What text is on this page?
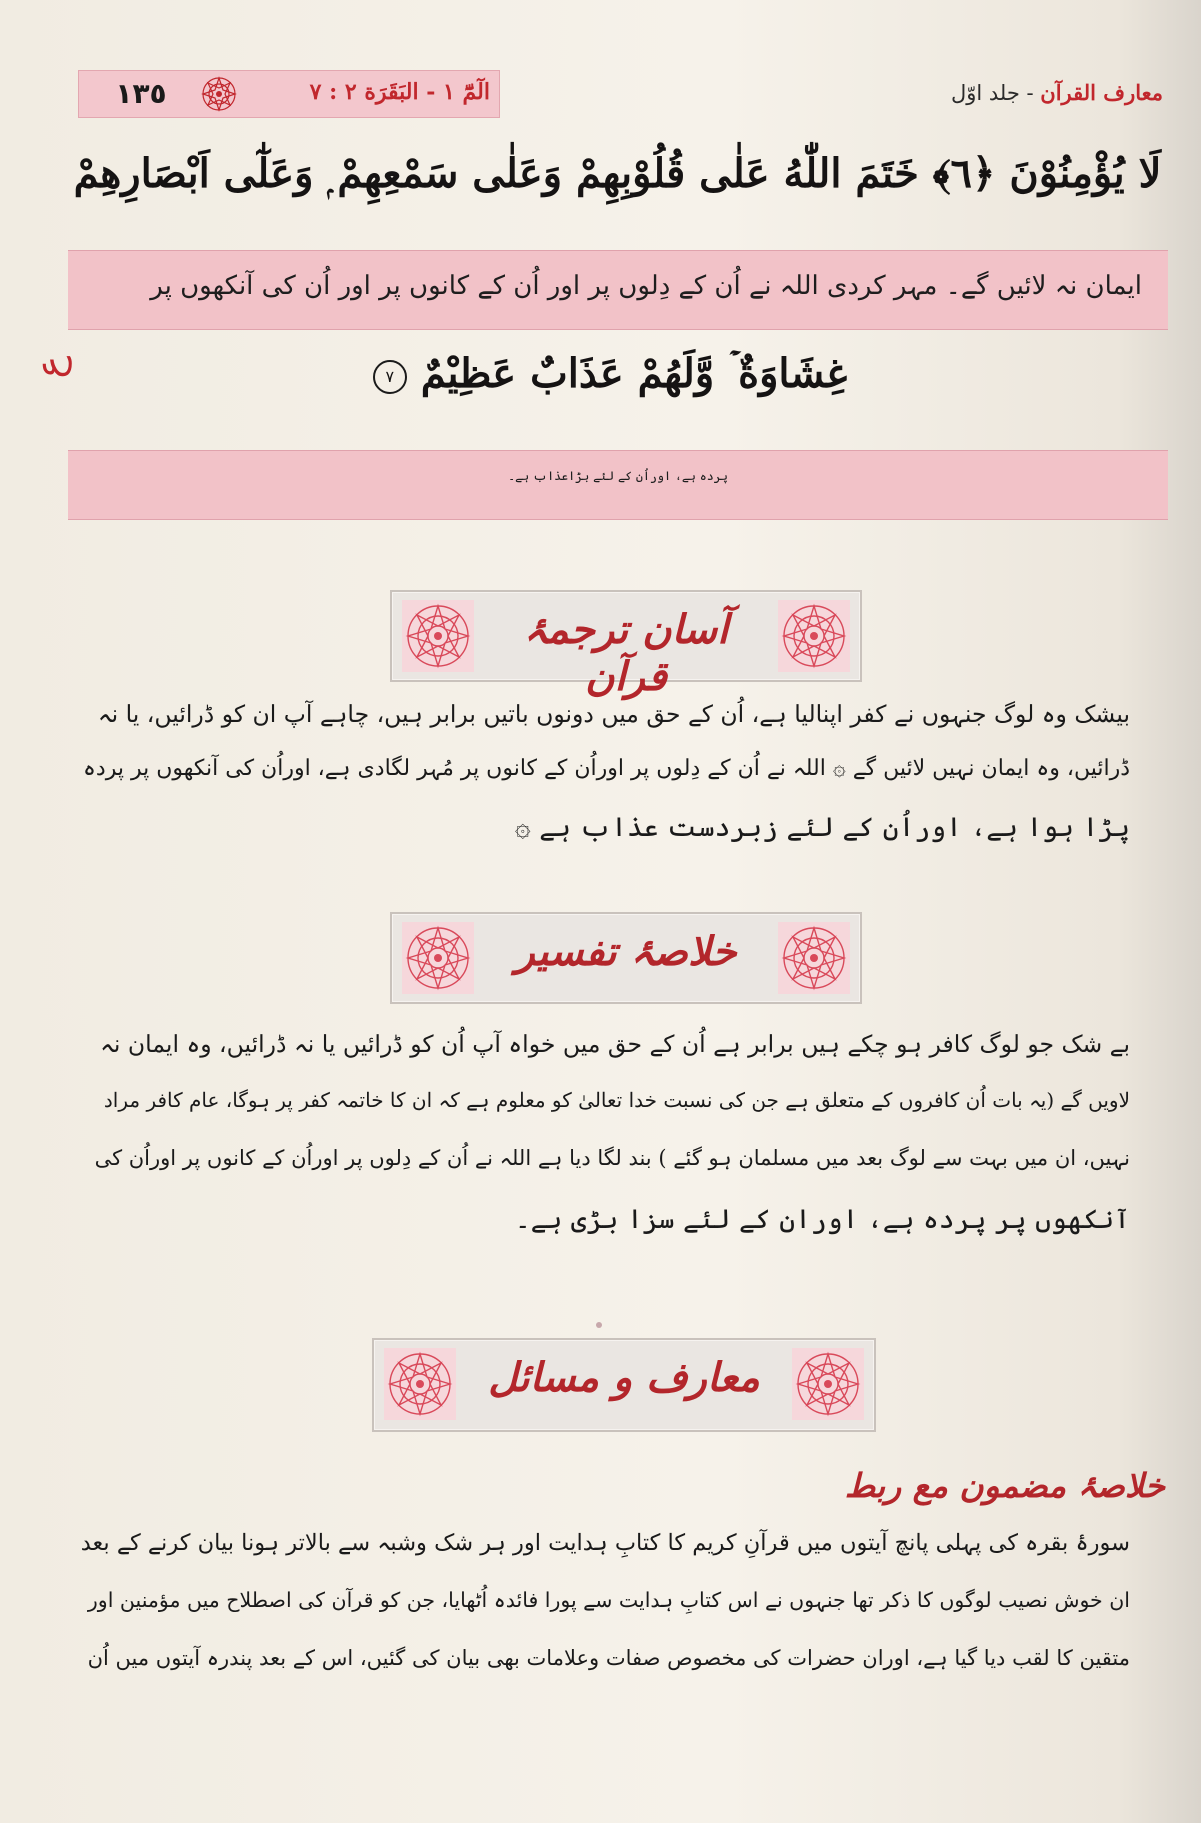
١٣٥	الٓمّٓ ١ - البَقَرَة ٢ : ٧	معارف القرآن - جلد اوّل
لَا يُؤْمِنُوْنَ ﴿٦﴾ خَتَمَ اللّٰهُ عَلٰى قُلُوْبِهِمْ وَعَلٰى سَمْعِهِمْ ۭ وَعَلٰٓى اَبْصَارِهِمْ
ایمان نہ لائیں گے۔ مہر کردی اللہ نے اُن کے دِلوں پر اور اُن کے کانوں پر اور اُن کی آنکھوں پر
ع	غِشَاوَةٌ ۡ وَّلَهُمْ عَذَابٌ عَظِيْمٌ ٧
پردہ ہے، اوراُن کے لئے بڑاعذاب ہے۔
آسان ترجمۂ قرآن
بیشک وہ لوگ جنہوں نے کفر اپنالیا ہے، اُن کے حق میں دونوں باتیں برابر ہیں، چاہے آپ ان کو ڈرائیں، یا نہ
ڈرائیں، وہ ایمان نہیں لائیں گے ۞ اللہ نے اُن کے دِلوں پر اوراُن کے کانوں پر مُہر لگادی ہے، اوراُن کی آنکھوں پر پردہ
پڑا ہوا ہے، اوراُن کے لئے زبردست عذاب ہے ۞
خلاصۂ تفسیر
بے شک جو لوگ کافر ہو چکے ہیں برابر ہے اُن کے حق میں خواہ آپ اُن کو ڈرائیں یا نہ ڈرائیں، وہ ایمان نہ
لاویں گے (یہ بات اُن کافروں کے متعلق ہے جن کی نسبت خدا تعالیٰ کو معلوم ہے کہ ان کا خاتمہ کفر پر ہوگا، عام کافر مراد
نہیں، ان میں بہت سے لوگ بعد میں مسلمان ہو گئے ) بند لگا دیا ہے اللہ نے اُن کے دِلوں پر اوراُن کے کانوں پر اوراُن کی
آنکھوں پر پردہ ہے، اوران کے لئے سزا بڑی ہے۔
معارف و مسائل
خلاصۂ مضمون مع ربط
سورۂ بقرہ کی پہلی پانچ آیتوں میں قرآنِ کریم کا کتابِ ہدایت اور ہر شک وشبہ سے بالاتر ہونا بیان کرنے کے بعد
ان خوش نصیب لوگوں کا ذکر تھا جنہوں نے اس کتابِ ہدایت سے پورا فائدہ اُٹھایا، جن کو قرآن کی اصطلاح میں مؤمنین اور
متقین کا لقب دیا گیا ہے، اوران حضرات کی مخصوص صفات وعلامات بھی بیان کی گئیں، اس کے بعد پندرہ آیتوں میں اُن
